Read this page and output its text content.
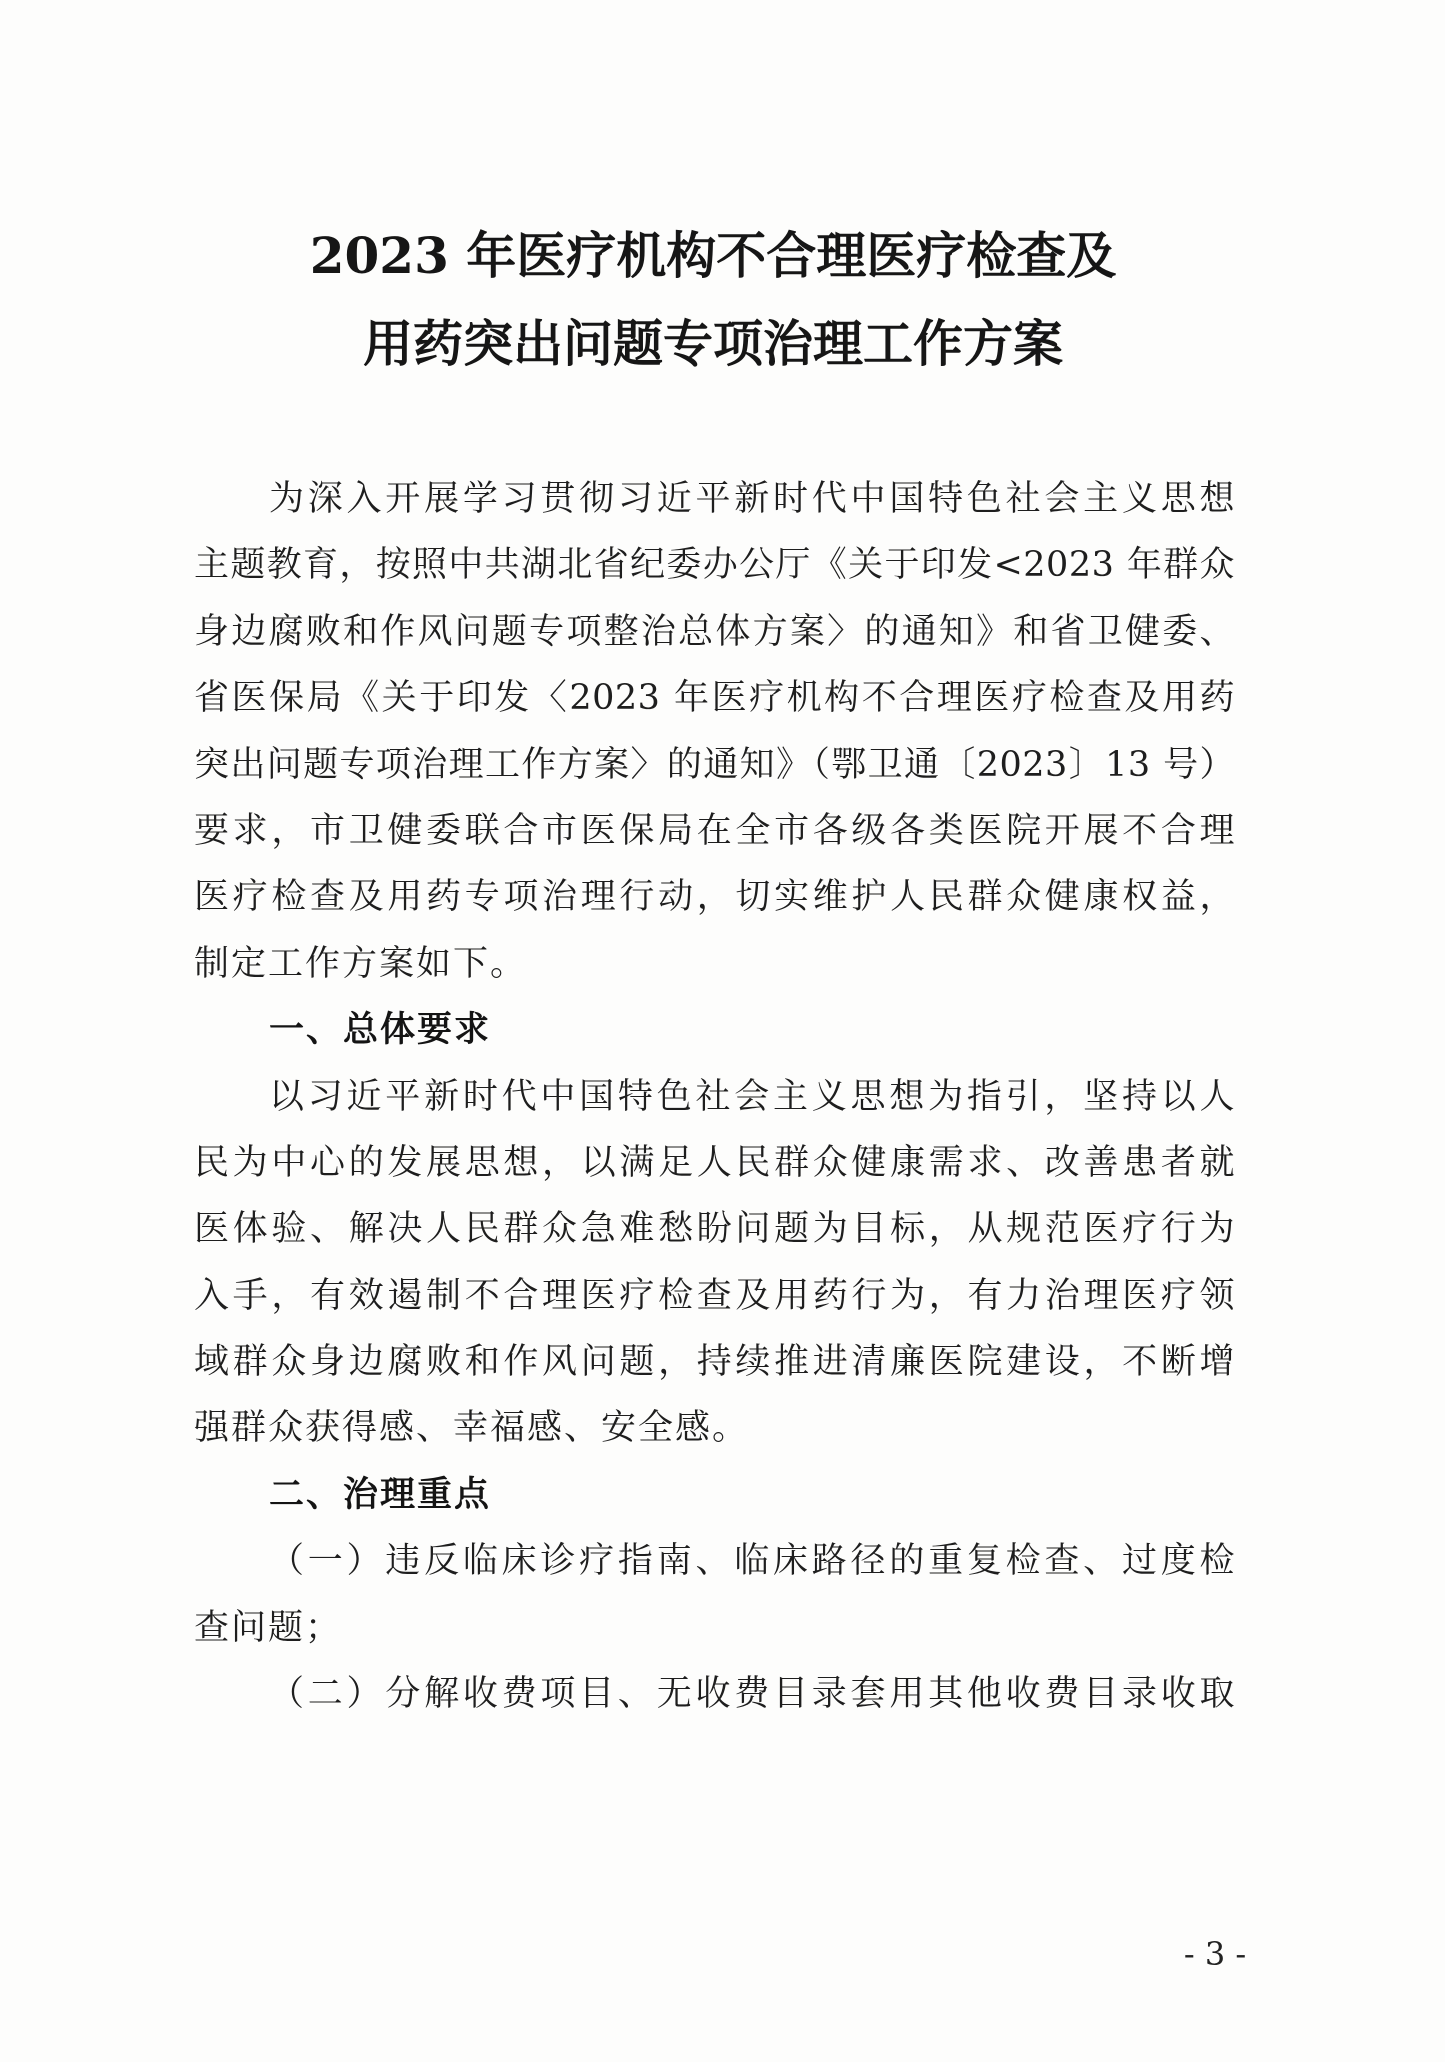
2023 年医疗机构不合理医疗检查及
用药突出问题专项治理工作方案
为深入开展学习贯彻习近平新时代中国特色社会主义思想
主题教育，按照中共湖北省纪委办公厅《关于印发<2023 年群众
身边腐败和作风问题专项整治总体方案〉的通知》和省卫健委、
省医保局《关于印发〈2023 年医疗机构不合理医疗检查及用药
突出问题专项治理工作方案〉的通知》（鄂卫通〔2023〕13 号）
要求，市卫健委联合市医保局在全市各级各类医院开展不合理
医疗检查及用药专项治理行动，切实维护人民群众健康权益，
制定工作方案如下。
一、总体要求
以习近平新时代中国特色社会主义思想为指引，坚持以人
民为中心的发展思想，以满足人民群众健康需求、改善患者就
医体验、解决人民群众急难愁盼问题为目标，从规范医疗行为
入手，有效遏制不合理医疗检查及用药行为，有力治理医疗领
域群众身边腐败和作风问题，持续推进清廉医院建设，不断增
强群众获得感、幸福感、安全感。
二、治理重点
（一）违反临床诊疗指南、临床路径的重复检查、过度检
查问题；
（二）分解收费项目、无收费目录套用其他收费目录收取
- 3 -
